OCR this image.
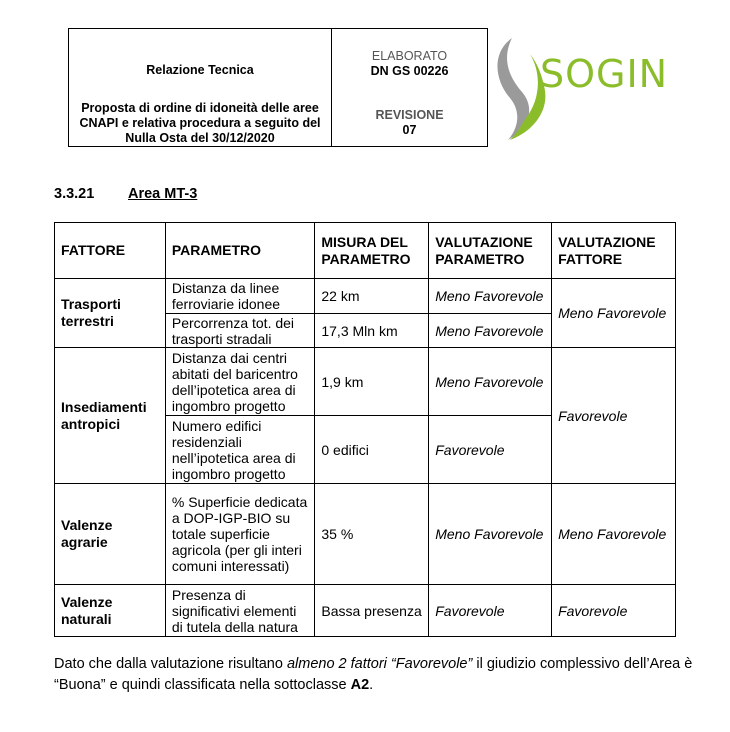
Relazione Tecnica
Proposta di ordine di idoneità delle aree CNAPI e relativa procedura a seguito del Nulla Osta del 30/12/2020
ELABORATO
DN GS 00226
REVISIONE
07
SOGIN
3.3.21 Area MT-3
FATTORE	PARAMETRO	MISURA DEL PARAMETRO	VALUTAZIONE PARAMETRO	VALUTAZIONE FATTORE
Trasporti terrestri	Distanza da linee ferroviarie idonee	22 km	Meno Favorevole	Meno Favorevole
	Percorrenza tot. dei trasporti stradali	17,3 Mln km	Meno Favorevole	
Insediamenti antropici	Distanza dai centri abitati del baricentro dell’ipotetica area di ingombro progetto	1,9 km	Meno Favorevole	Favorevole
	Numero edifici residenziali nell’ipotetica area di ingombro progetto	0 edifici	Favorevole	
Valenze agrarie	% Superficie dedicata a DOP-IGP-BIO su totale superficie agricola (per gli interi comuni interessati)	35 %	Meno Favorevole	Meno Favorevole
Valenze naturali	Presenza di significativi elementi di tutela della natura	Bassa presenza	Favorevole	Favorevole
Dato che dalla valutazione risultano almeno 2 fattori “Favorevole” il giudizio complessivo dell’Area è “Buona” e quindi classificata nella sottoclasse A2.
